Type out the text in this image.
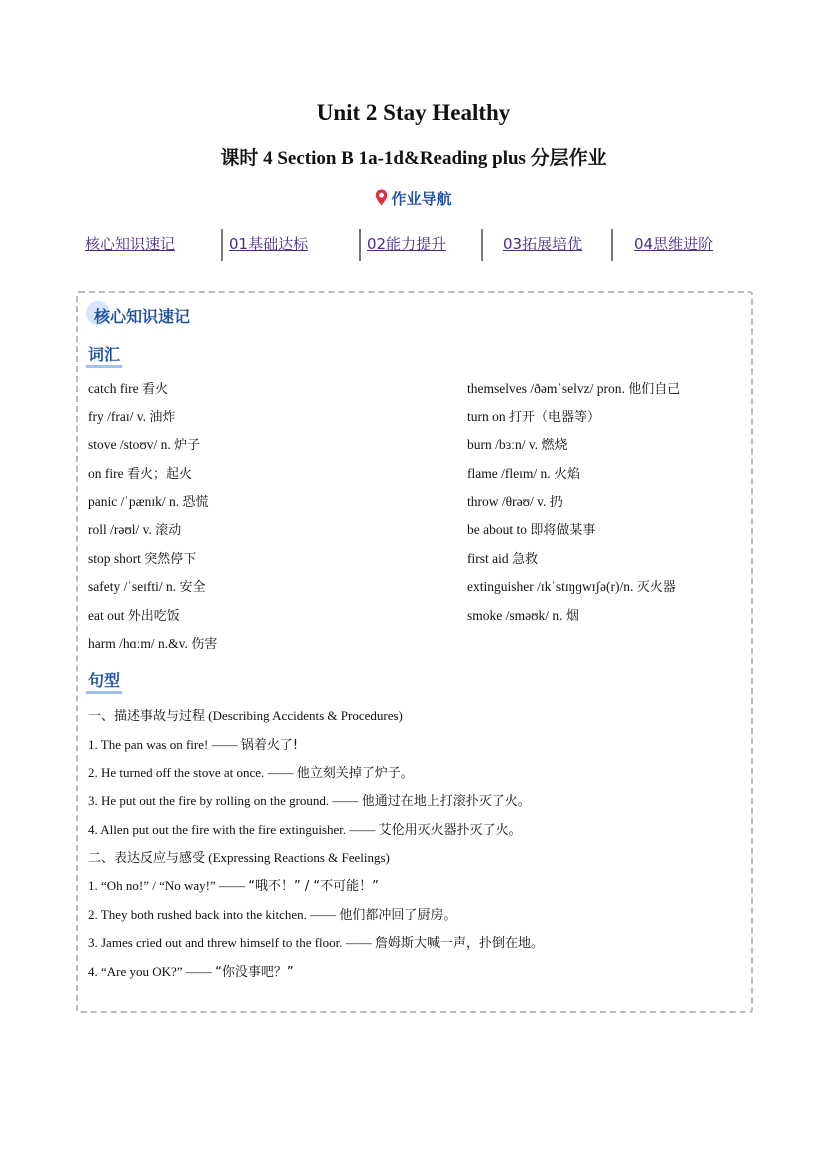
Unit 2 Stay Healthy
课时 4 Section B 1a-1d&Reading plus 分层作业
作业导航
核心知识速记	01基础达标	02能力提升	03拓展培优	04思维进阶
核心知识速记
词汇
catch fire 看火
fry /fraɪ/ v. 油炸
stove /stoʊv/ n. 炉子
on fire 看火；起火
panic /ˈpænɪk/ n. 恐慌
roll /rəʊl/ v. 滚动
stop short 突然停下
safety /ˈseɪfti/ n. 安全
eat out 外出吃饭
harm /hɑːm/ n.&v. 伤害
themselves /ðəmˈselvz/ pron. 他们自己
turn on 打开（电器等）
burn /bɜːn/ v. 燃烧
flame /fleɪm/ n. 火焰
throw /θrəʊ/ v. 扔
be about to 即将做某事
first aid 急救
extinguisher /ɪkˈstɪŋɡwɪʃə(r)/n. 灭火器
smoke /sməʊk/ n. 烟
句型
一、描述事故与过程 (Describing Accidents & Procedures)
1. The pan was on fire! —— 锅着火了!
2. He turned off the stove at once. —— 他立刻关掉了炉子。
3. He put out the fire by rolling on the ground. —— 他通过在地上打滚扑灭了火。
4. Allen put out the fire with the fire extinguisher. —— 艾伦用灭火器扑灭了火。
二、表达反应与感受 (Expressing Reactions & Feelings)
1. “Oh no!” / “No way!” —— “哦不！” / “不可能！”
2. They both rushed back into the kitchen. —— 他们都冲回了厨房。
3. James cried out and threw himself to the floor. —— 詹姆斯大喊一声，扑倒在地。
4. “Are you OK?” —— “你没事吧？”
